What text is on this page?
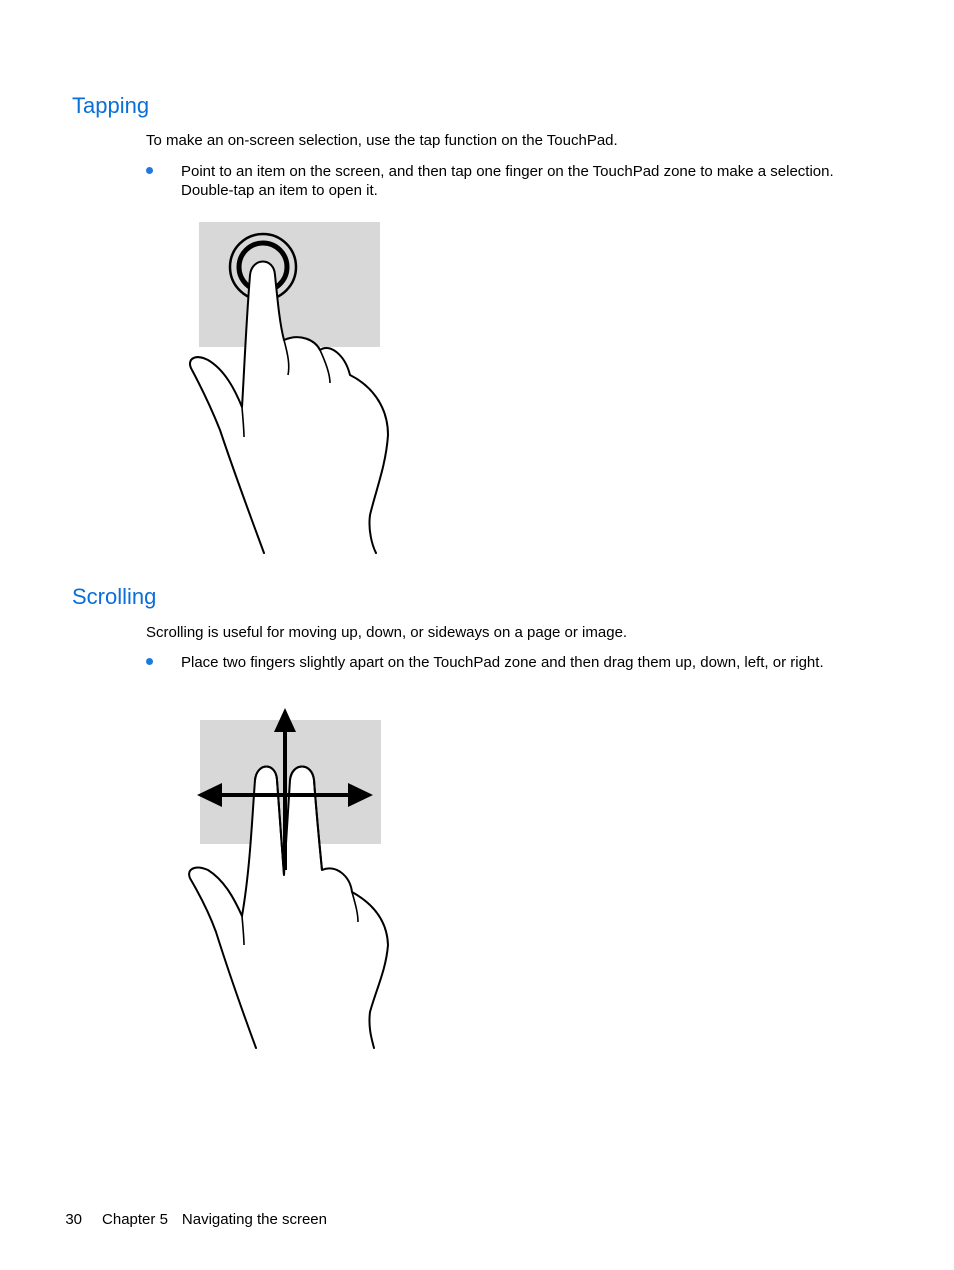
Tapping

To make an on-screen selection, use the tap function on the TouchPad.

Point to an item on the screen, and then tap one finger on the TouchPad zone to make a selection. Double-tap an item to open it.

Scrolling

Scrolling is useful for moving up, down, or sideways on a page or image.

Place two fingers slightly apart on the TouchPad zone and then drag them up, down, left, or right.

30 Chapter 5 Navigating the screen
